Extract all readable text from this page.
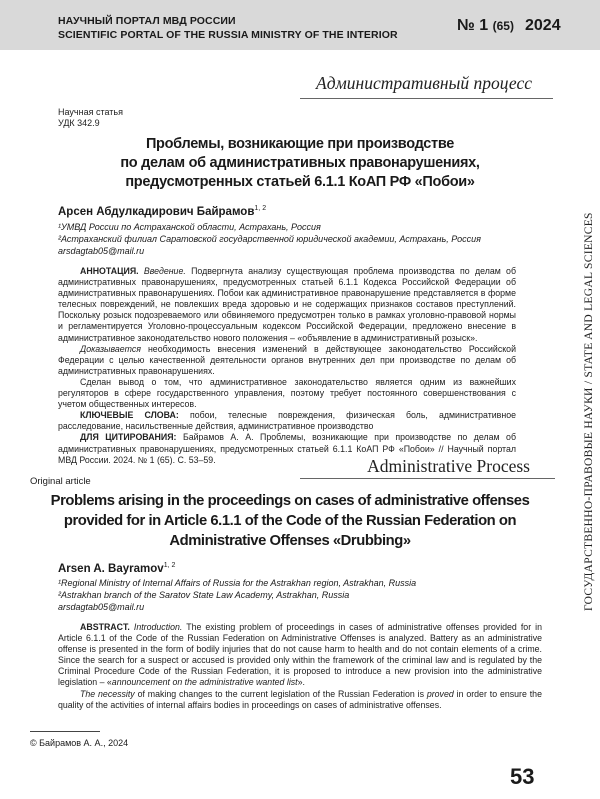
НАУЧНЫЙ ПОРТАЛ МВД РОССИИ
SCIENTIFIC PORTAL OF THE RUSSIA MINISTRY OF THE INTERIOR
№ 1 (65) 2024
Административный процесс
ГОСУДАРСТВЕННО-ПРАВОВЫЕ НАУКИ / STATE AND LEGAL SCIENCES
Научная статья
УДК 342.9
Проблемы, возникающие при производстве
по делам об административных правонарушениях,
предусмотренных статьей 6.1.1 КоАП РФ «Побои»
Арсен Абдулкадирович Байрамов$^{1, 2}$
¹УМВД России по Астраханской области, Астрахань, Россия
²Астраханский филиал Саратовской государственной юридической академии, Астрахань, Россия
arsdagtab05@mail.ru

АННОТАЦИЯ. Введение. Подвергнута анализу существующая проблема производства по делам об административных правонарушениях, предусмотренных статьей 6.1.1 Кодекса Российской Федерации об административных правонарушениях. Побои как административное правонарушение представляется в форме телесных повреждений, не повлекших вреда здоровью и не содержащих признаков составов преступлений. Поскольку розыск подозреваемого или обвиняемого предусмотрен только в рамках уголовно-правовой нормы и регламентируется Уголовно-процессуальным кодексом Российской Федерации, предложено внесение в административное законодательство нового положения – «объявление в административный розыск».

Доказывается необходимость внесения изменений в действующее законодательство Российской Федерации с целью качественной деятельности органов внутренних дел при производстве по делам об административных правонарушениях.

Сделан вывод о том, что административное законодательство является одним из важнейших регуляторов в сфере государственного управления, поэтому требует постоянного совершенствования с учетом общественных интересов.

КЛЮЧЕВЫЕ СЛОВА: побои, телесные повреждения, физическая боль, административное расследование, насильственные действия, административное производство

ДЛЯ ЦИТИРОВАНИЯ: Байрамов А. А. Проблемы, возникающие при производстве по делам об административных правонарушениях, предусмотренных статьей 6.1.1 КоАП РФ «Побои» // Научный портал МВД России. 2024. № 1 (65). С. 53–59.	Administrative Process
Original article
Problems arising in the proceedings on cases of administrative offenses
provided for in Article 6.1.1 of the Code of the Russian Federation on
Administrative Offenses «Drubbing»
Arsen A. Bayramov$^{1, 2}$
¹Regional Ministry of Internal Affairs of Russia for the Astrakhan region, Astrakhan, Russia
²Astrakhan branch of the Saratov State Law Academy, Astrakhan, Russia
arsdagtab05@mail.ru

ABSTRACT. Introduction. The existing problem of proceedings in cases of administrative offenses provided for in Article 6.1.1 of the Code of the Russian Federation on Administrative Offenses is analyzed. Battery as an administrative offense is presented in the form of bodily injuries that do not cause harm to health and do not contain elements of a crime. Since the search for a suspect or accused is provided only within the framework of the criminal law and is regulated by the Criminal Procedure Code of the Russian Federation, it is proposed to introduce a new provision into the administrative legislation – «announcement on the administrative wanted list».

The necessity of making changes to the current legislation of the Russian Federation is proved in order to ensure the quality of the activities of internal affairs bodies in proceedings on cases of administrative offenses.

© Байрамов А. А., 2024
53
